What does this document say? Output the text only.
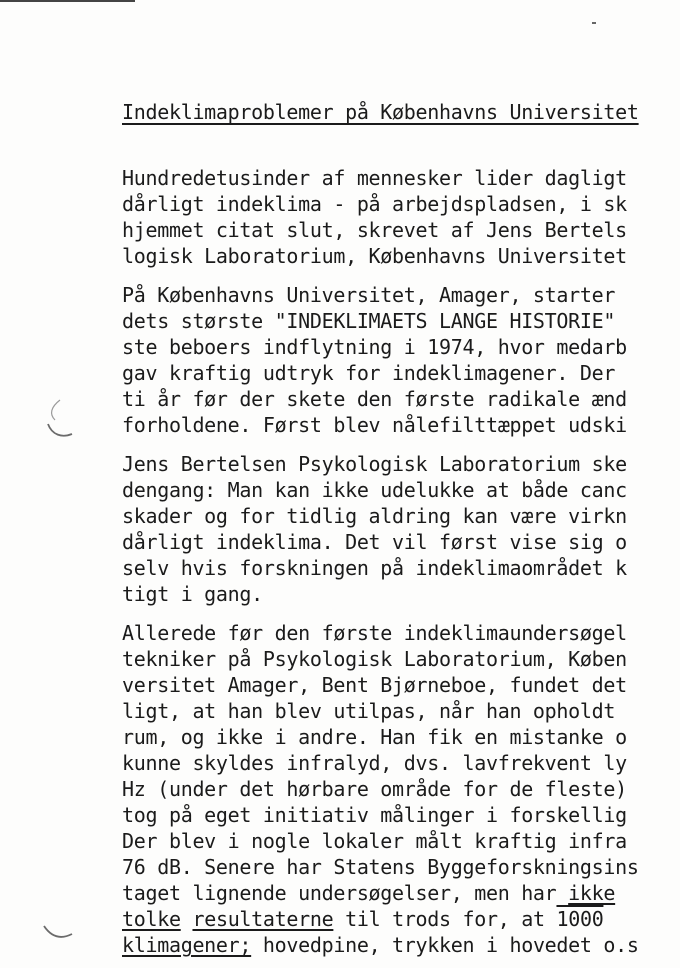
Indeklimaproblemer på Københavns Universitet

Hundredetusinder af mennesker lider dagligt
dårligt indeklima - på arbejdspladsen, i sk
hjemmet citat slut, skrevet af Jens Bertels
logisk Laboratorium, Københavns Universitet

På Københavns Universitet, Amager, starter
dets største "INDEKLIMAETS LANGE HISTORIE"
ste beboers indflytning i 1974, hvor medarb
gav kraftig udtryk for indeklimagener. Der
ti år før der skete den første radikale ænd
forholdene. Først blev nålefilttæppet udski

Jens Bertelsen Psykologisk Laboratorium ske
dengang: Man kan ikke udelukke at både canc
skader og for tidlig aldring kan være virkn
dårligt indeklima. Det vil først vise sig o
selv hvis forskningen på indeklimaområdet k
tigt i gang.

Allerede før den første indeklimaundersøgel
tekniker på Psykologisk Laboratorium, Køben
versitet Amager, Bent Bjørneboe, fundet det
ligt, at han blev utilpas, når han opholdt
rum, og ikke i andre. Han fik en mistanke o
kunne skyldes infralyd, dvs. lavfrekvent ly
Hz (under det hørbare område for de fleste)
tog på eget initiativ målinger i forskellig
Der blev i nogle lokaler målt kraftig infra
76 dB. Senere har Statens Byggeforskningsins
taget lignende undersøgelser, men har ikke
tolke resultaterne til trods for, at 1000
klimagener; hovedpine, trykken i hovedet o.s
